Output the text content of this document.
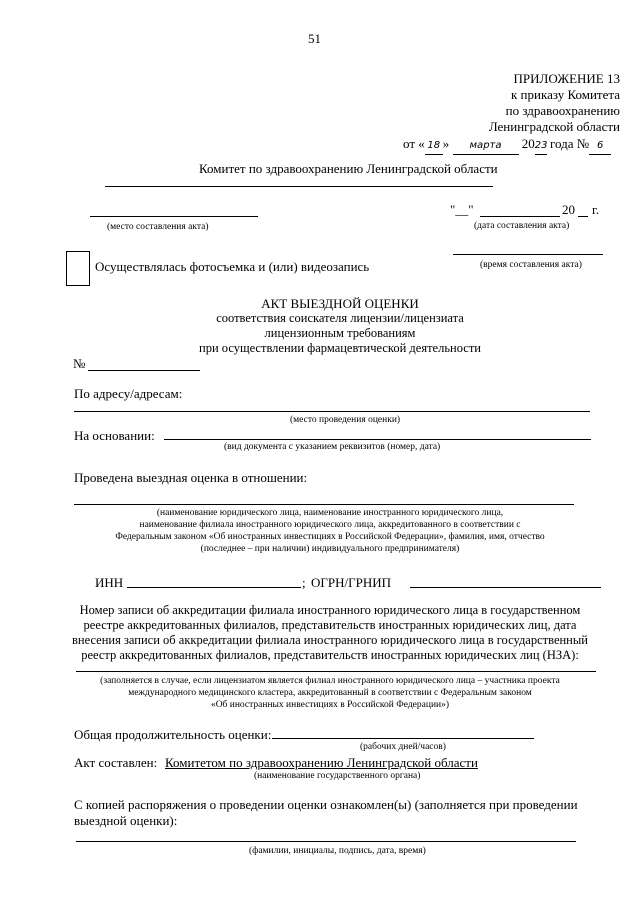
51
ПРИЛОЖЕНИЕ 13
к приказу Комитета
по здравоохранению
Ленинградской области
от « 18 » марта 2023 года № 6
Комитет по здравоохранению Ленинградской области
(место составления акта)
"__"	20 г.
(дата составления акта)
Осуществлялась фотосъемка и (или) видеозапись	(время составления акта)
АКТ ВЫЕЗДНОЙ ОЦЕНКИ
соответствия соискателя лицензии/лицензиата
лицензионным требованиям
при осуществлении фармацевтической деятельности
№
По адресу/адресам:
(место проведения оценки)
На основании:
(вид документа с указанием реквизитов (номер, дата)
Проведена выездная оценка в отношении:
(наименование юридического лица, наименование иностранного юридического лица,
наименование филиала иностранного юридического лица, аккредитованного в соответствии с
Федеральным законом «Об иностранных инвестициях в Российской Федерации», фамилия, имя, отчество
(последнее – при наличии) индивидуального предпринимателя)
ИНН	; ОГРН/ГРНИП
Номер записи об аккредитации филиала иностранного юридического лица в государственном
реестре аккредитованных филиалов, представительств иностранных юридических лиц, дата
внесения записи об аккредитации филиала иностранного юридического лица в государственный
реестр аккредитованных филиалов, представительств иностранных юридических лиц (НЗА):
(заполняется в случае, если лицензиатом является филиал иностранного юридического лица – участника проекта
международного медицинского кластера, аккредитованный в соответствии с Федеральным законом
«Об иностранных инвестициях в Российской Федерации»)
Общая продолжительность оценки:
(рабочих дней/часов)
Акт составлен: Комитетом по здравоохранению Ленинградской области
(наименование государственного органа)
С копией распоряжения о проведении оценки ознакомлен(ы) (заполняется при проведении
выездной оценки):
(фамилии, инициалы, подпись, дата, время)
